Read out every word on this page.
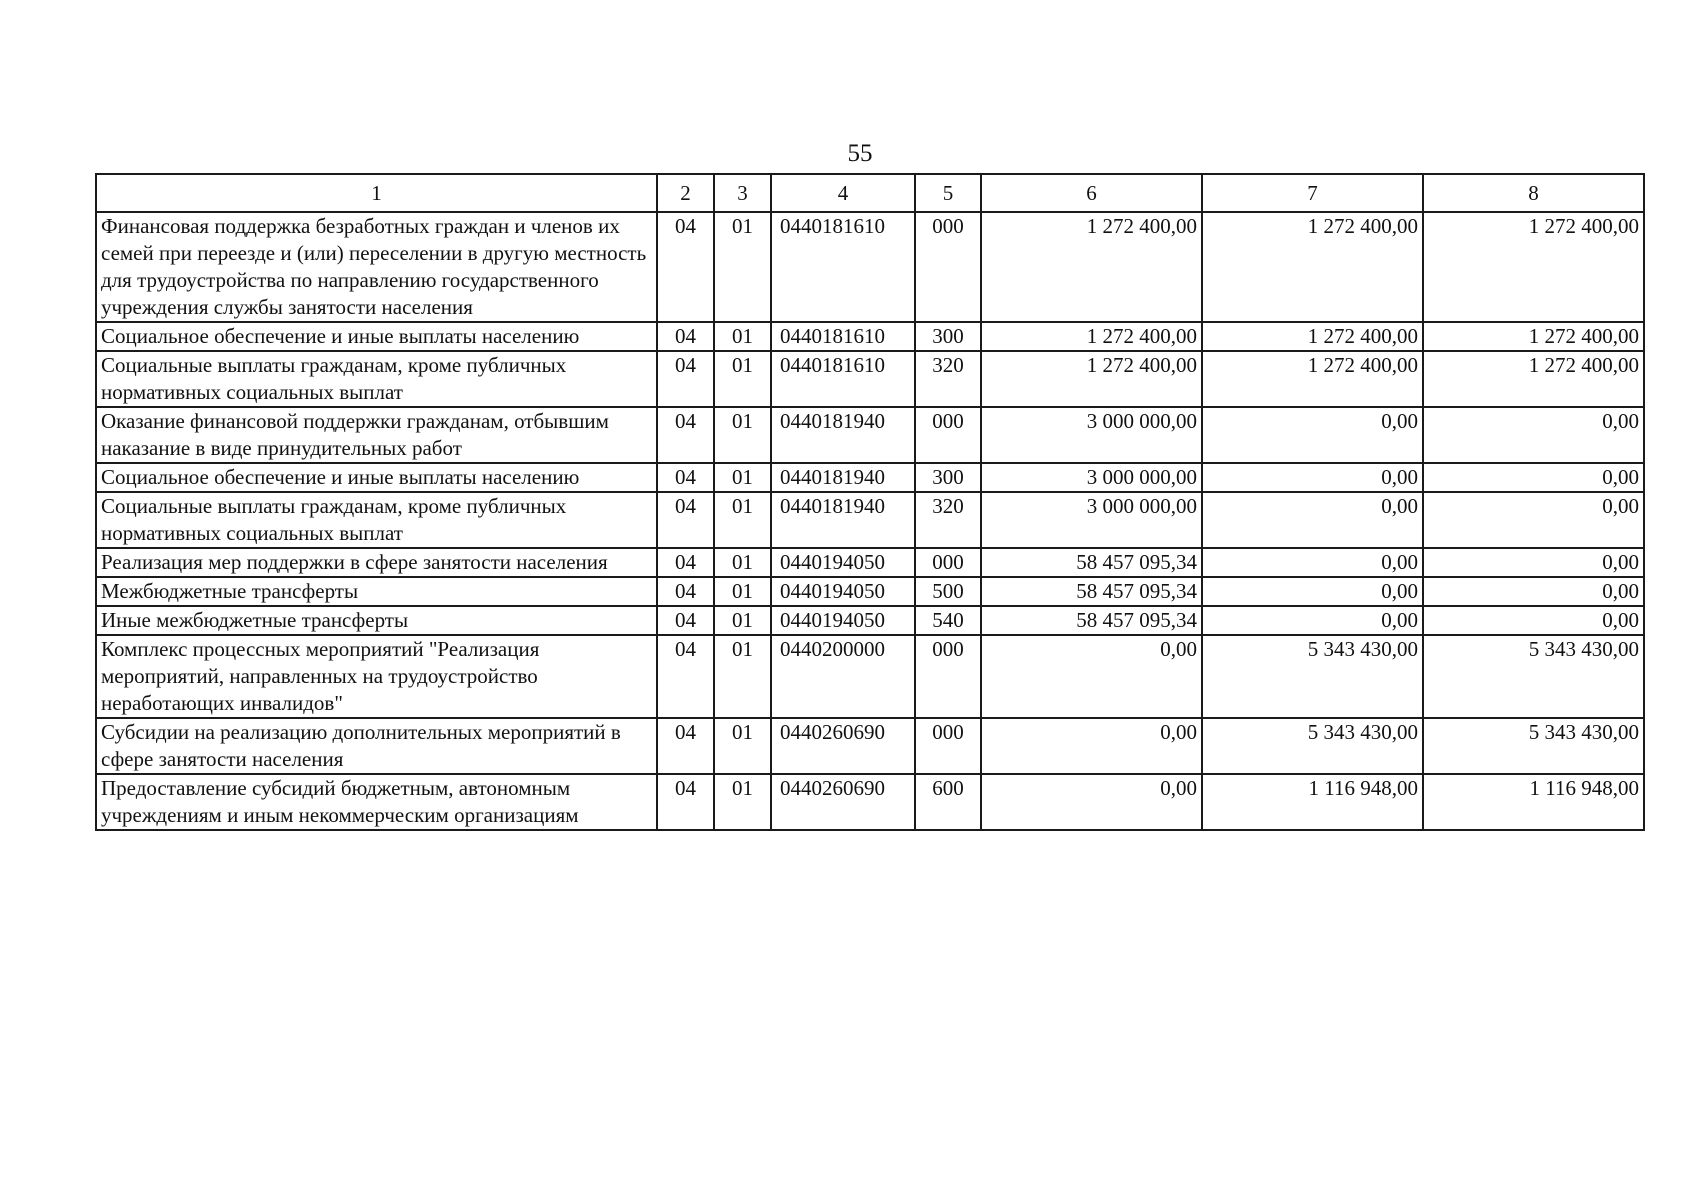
55
1	2	3	4	5	6	7	8
Финансовая поддержка безработных граждан и членов их семей при переезде и (или) переселении в другую местность для трудоустройства по направлению государственного учреждения службы занятости населения	04	01	0440181610	000	1 272 400,00	1 272 400,00	1 272 400,00
Социальное обеспечение и иные выплаты населению	04	01	0440181610	300	1 272 400,00	1 272 400,00	1 272 400,00
Социальные выплаты гражданам, кроме публичных нормативных социальных выплат	04	01	0440181610	320	1 272 400,00	1 272 400,00	1 272 400,00
Оказание финансовой поддержки гражданам, отбывшим наказание в виде принудительных работ	04	01	0440181940	000	3 000 000,00	0,00	0,00
Социальное обеспечение и иные выплаты населению	04	01	0440181940	300	3 000 000,00	0,00	0,00
Социальные выплаты гражданам, кроме публичных нормативных социальных выплат	04	01	0440181940	320	3 000 000,00	0,00	0,00
Реализация мер поддержки в сфере занятости населения	04	01	0440194050	000	58 457 095,34	0,00	0,00
Межбюджетные трансферты	04	01	0440194050	500	58 457 095,34	0,00	0,00
Иные межбюджетные трансферты	04	01	0440194050	540	58 457 095,34	0,00	0,00
Комплекс процессных мероприятий "Реализация мероприятий, направленных на трудоустройство неработающих инвалидов"	04	01	0440200000	000	0,00	5 343 430,00	5 343 430,00
Субсидии на реализацию дополнительных мероприятий в сфере занятости населения	04	01	0440260690	000	0,00	5 343 430,00	5 343 430,00
Предоставление субсидий бюджетным, автономным учреждениям и иным некоммерческим организациям	04	01	0440260690	600	0,00	1 116 948,00	1 116 948,00
